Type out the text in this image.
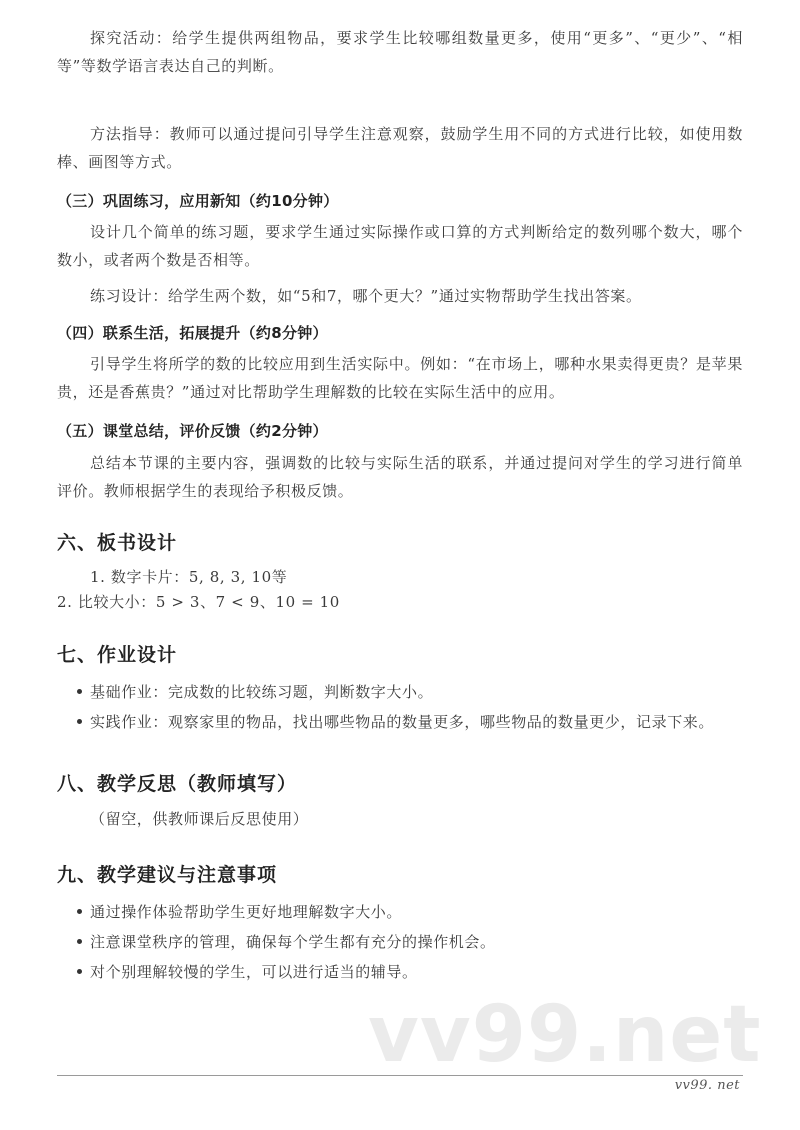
探究活动：给学生提供两组物品，要求学生比较哪组数量更多，使用“更多”、“更少”、“相等”等数学语言表达自己的判断。

方法指导：教师可以通过提问引导学生注意观察，鼓励学生用不同的方式进行比较，如使用数棒、画图等方式。

（三）巩固练习，应用新知（约10分钟）

设计几个简单的练习题，要求学生通过实际操作或口算的方式判断给定的数列哪个数大，哪个数小，或者两个数是否相等。

练习设计：给学生两个数，如“5和7，哪个更大？”通过实物帮助学生找出答案。

（四）联系生活，拓展提升（约8分钟）

引导学生将所学的数的比较应用到生活实际中。例如：“在市场上，哪种水果卖得更贵？是苹果贵，还是香蕉贵？”通过对比帮助学生理解数的比较在实际生活中的应用。

（五）课堂总结，评价反馈（约2分钟）

总结本节课的主要内容，强调数的比较与实际生活的联系，并通过提问对学生的学习进行简单评价。教师根据学生的表现给予积极反馈。

六、板书设计
1. 数字卡片：5, 8, 3, 10等
2. 比较大小：5 > 3、7 < 9、10 = 10
七、作业设计
基础作业：完成数的比较练习题，判断数字大小。
实践作业：观察家里的物品，找出哪些物品的数量更多，哪些物品的数量更少，记录下来。
八、教学反思（教师填写）
（留空，供教师课后反思使用）
九、教学建议与注意事项
通过操作体验帮助学生更好地理解数字大小。
注意课堂秩序的管理，确保每个学生都有充分的操作机会。
对个别理解较慢的学生，可以进行适当的辅导。
vv99.net
vv99. net
